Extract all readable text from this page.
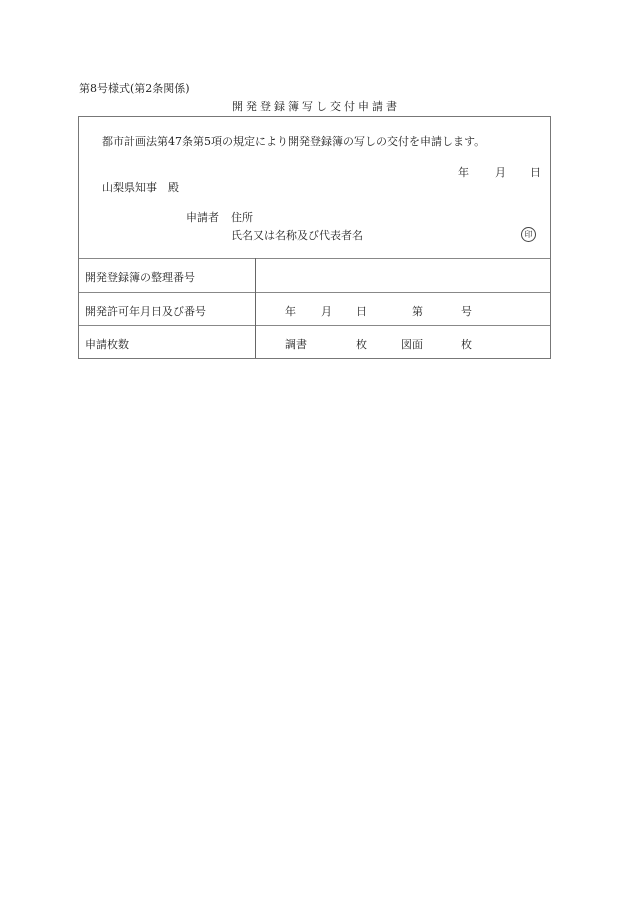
第8号様式(第2条関係)
開発登録簿写し交付申請書
都市計画法第47条第5項の規定により開発登録簿の写しの交付を申請します。
年 月 日
山梨県知事　殿
申請者 住所
氏名又は名称及び代表者名	印
開発登録簿の整理番号
開発許可年月日及び番号	年 月 日	第	号
申請枚数	調書	枚	図面	枚
